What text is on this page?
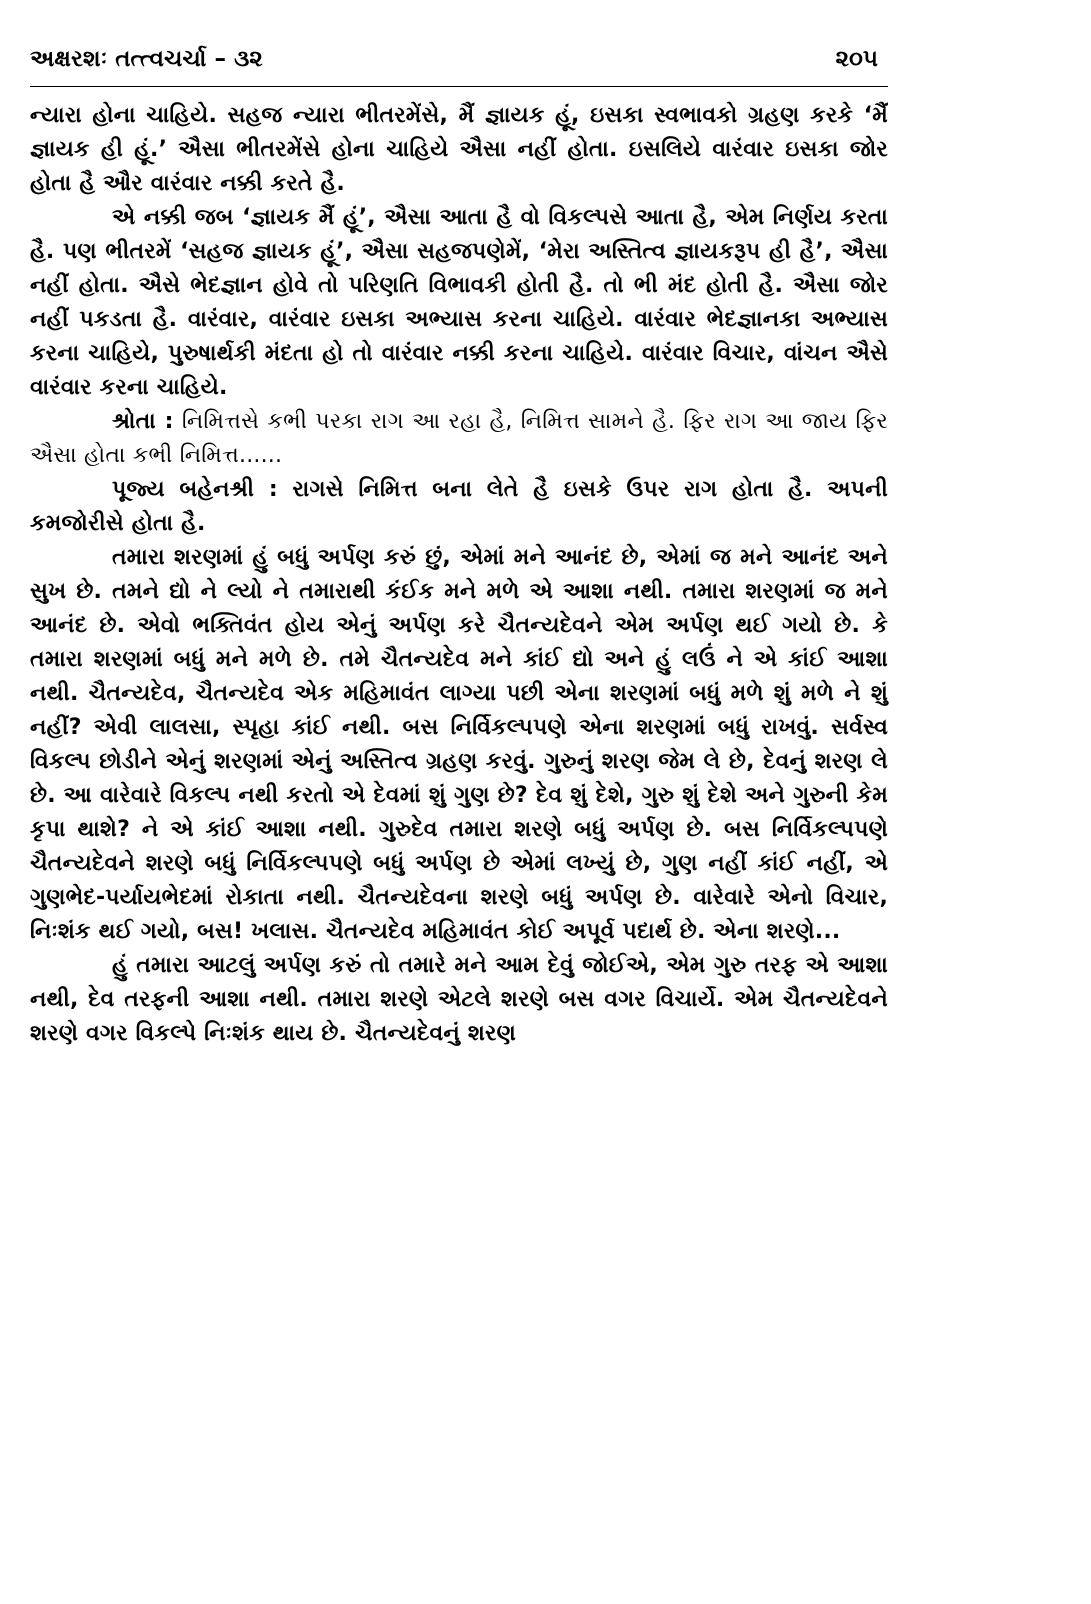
અક્ષરશઃ તત્ત્વચર્ચા – ૩૨	૨૦૫

ન્યારા હોના ચાહિયે. સહજ ન્યારા ભીતરમેંસે, મૈં જ્ઞાયક હૂં, ઇસકા સ્વભાવકો ગ્રહણ કરકે ‘મૈં જ્ઞાયક હી હૂં.’ ઐસા ભીતરમેંસે હોના ચાહિયે ઐસા નહીં હોતા. ઇસલિયે વારંવાર ઇસકા જોર હોતા હૈ ઔર વારંવાર નક્કી કરતે હૈ.

એ નક્કી જબ ‘જ્ઞાયક મૈં હૂં’, ઐસા આતા હૈ વો વિકલ્પસે આતા હૈ, એમ નિર્ણય કરતા હૈ. પણ ભીતરમેં ‘સહજ જ્ઞાયક હૂં’, ઐસા સહજપણેમેં, ‘મેરા અસ્તિત્વ જ્ઞાયકરૂપ હી હૈ’, ઐસા નહીં હોતા. ઐસે ભેદજ્ઞાન હોવે તો પરિણતિ વિભાવકી હોતી હૈ. તો ભી મંદ હોતી હૈ. ઐસા જોર નહીં પકડતા હૈ. વારંવાર, વારંવાર ઇસકા અભ્યાસ કરના ચાહિયે. વારંવાર ભેદજ્ઞાનકા અભ્યાસ કરના ચાહિયે, પુરુષાર્થકી મંદતા હો તો વારંવાર નક્કી કરના ચાહિયે. વારંવાર વિચાર, વાંચન ઐસે વારંવાર કરના ચાહિયે.

શ્રોતા : નિમિત્તસે કભી પરકા રાગ આ રહા હૈ, નિમિત્ત સામને હૈ. ફિર રાગ આ જાય ફિર ઐસા હોતા કભી નિમિત્ત......

પૂજ્ય બહેનશ્રી : રાગસે નિમિત્ત બના લેતે હૈ ઇસકે ઉપર રાગ હોતા હૈ. અપની કમજોરીસે હોતા હૈ.

તમારા શરણમાં હું બધું અર્પણ કરું છું, એમાં મને આનંદ છે, એમાં જ મને આનંદ અને સુખ છે. તમને દ્યો ને લ્યો ને તમારાથી કંઈક મને મળે એ આશા નથી. તમારા શરણમાં જ મને આનંદ છે. એવો ભક્તિવંત હોય એનું અર્પણ કરે ચૈતન્યદેવને એમ અર્પણ થઈ ગયો છે. કે તમારા શરણમાં બધું મને મળે છે. તમે ચૈતન્યદેવ મને કાંઈ દ્યો અને હું લઉં ને એ કાંઈ આશા નથી. ચૈતન્યદેવ, ચૈતન્યદેવ એક મહિમાવંત લાગ્યા પછી એના શરણમાં બધું મળે શું મળે ને શું નહીં? એવી લાલસા, સ્પૃહા કાંઈ નથી. બસ નિર્વિકલ્પપણે એના શરણમાં બધું રાખવું. સર્વસ્વ વિકલ્પ છોડીને એનું શરણમાં એનું અસ્તિત્વ ગ્રહણ કરવું. ગુરુનું શરણ જેમ લે છે, દેવનું શરણ લે છે. આ વારેવારે વિકલ્પ નથી કરતો એ દેવમાં શું ગુણ છે? દેવ શું દેશે, ગુરુ શું દેશે અને ગુરુની કેમ કૃપા થાશે? ને એ કાંઈ આશા નથી. ગુરુદેવ તમારા શરણે બધું અર્પણ છે. બસ નિર્વિકલ્પપણે ચૈતન્યદેવને શરણે બધું નિર્વિકલ્પપણે બધું અર્પણ છે એમાં લખ્યું છે, ગુણ નહીં કાંઈ નહીં, એ ગુણભેદ-પર્યાયભેદમાં રોકાતા નથી. ચૈતન્યદેવના શરણે બધું અર્પણ છે. વારેવારે એનો વિચાર, નિઃશંક થઈ ગયો, બસ! ખલાસ. ચૈતન્યદેવ મહિમાવંત કોઈ અપૂર્વ પદાર્થ છે. એના શરણે...

હું તમારા આટલું અર્પણ કરું તો તમારે મને આમ દેવું જોઈએ, એમ ગુરુ તરફ એ આશા નથી, દેવ તરફની આશા નથી. તમારા શરણે એટલે શરણે બસ વગર વિચાર્યે. એમ ચૈતન્યદેવને શરણે વગર વિકલ્પે નિઃશંક થાય છે. ચૈતન્યદેવનું શરણ
